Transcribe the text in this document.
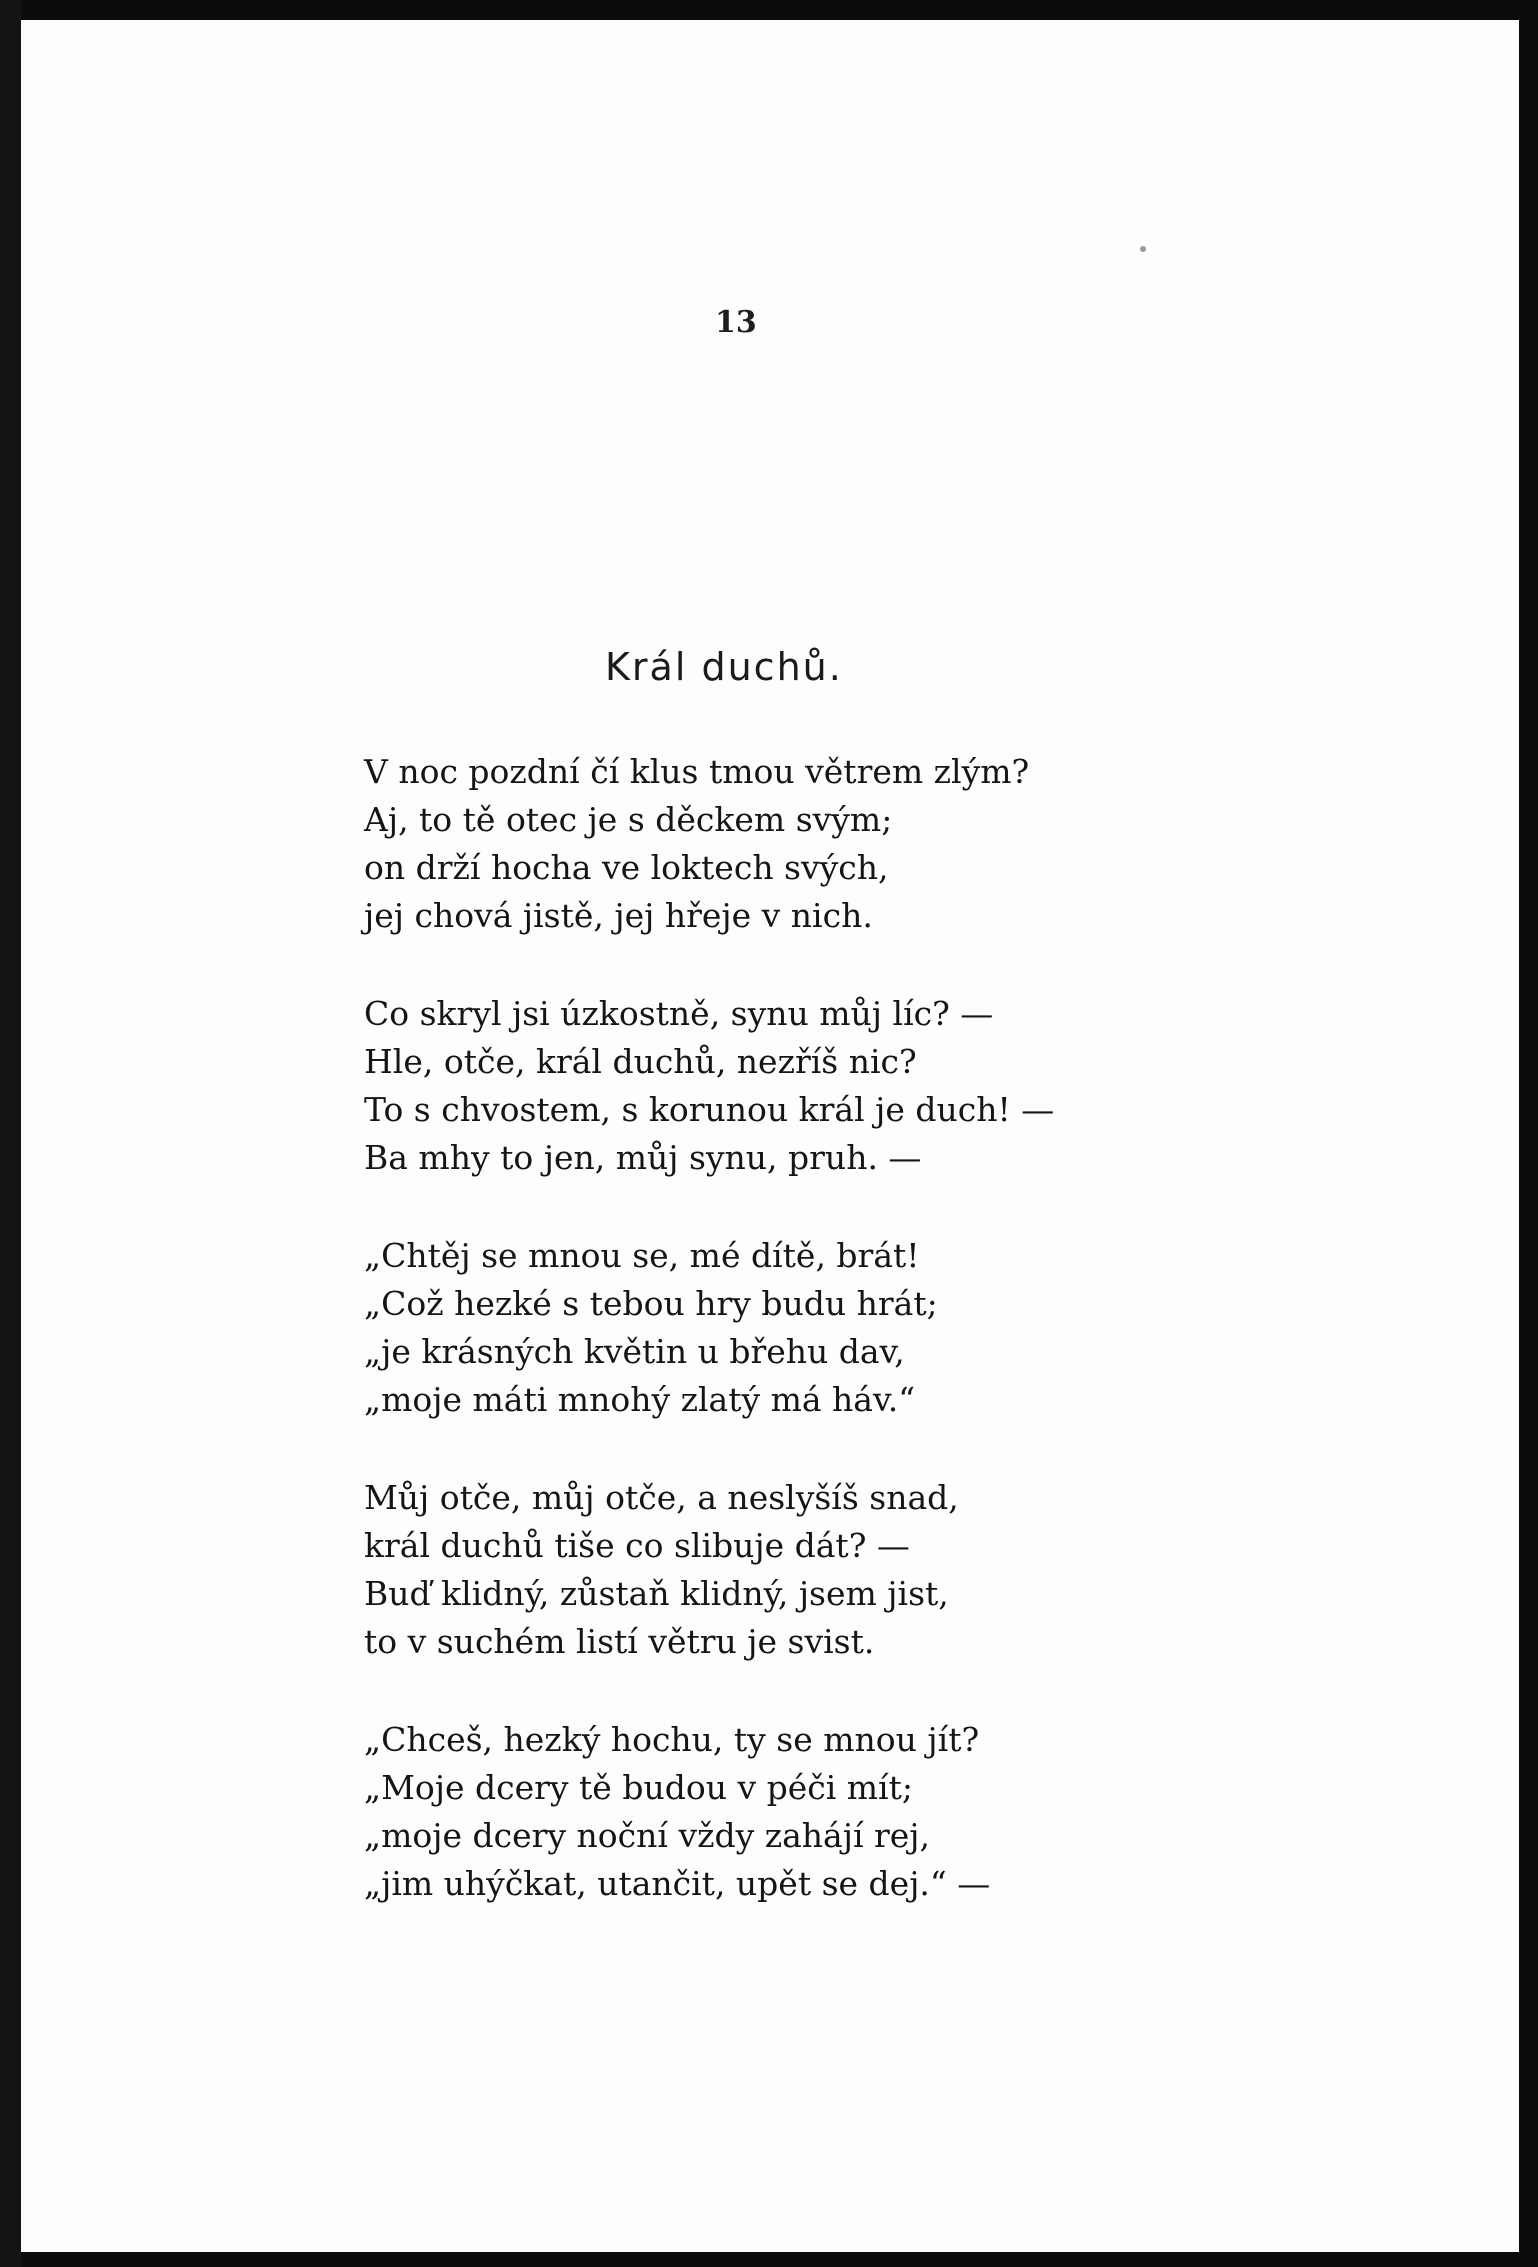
13
Král duchů.
V noc pozdní čí klus tmou větrem zlým?
Aj, to tě otec je s děckem svým;
on drží hocha ve loktech svých,
jej chová jistě, jej hřeje v nich.
Co skryl jsi úzkostně, synu můj líc? —
Hle, otče, král duchů, nezříš nic?
To s chvostem, s korunou král je duch! —
Ba mhy to jen, můj synu, pruh. —
„Chtěj se mnou se, mé dítě, brát!
„Což hezké s tebou hry budu hrát;
„je krásných květin u břehu dav,
„moje máti mnohý zlatý má háv.“
Můj otče, můj otče, a neslyšíš snad,
král duchů tiše co slibuje dát? —
Buď klidný, zůstaň klidný, jsem jist,
to v suchém listí větru je svist.
„Chceš, hezký hochu, ty se mnou jít?
„Moje dcery tě budou v péči mít;
„moje dcery noční vždy zahájí rej,
„jim uhýčkat, utančit, upět se dej.“ —
